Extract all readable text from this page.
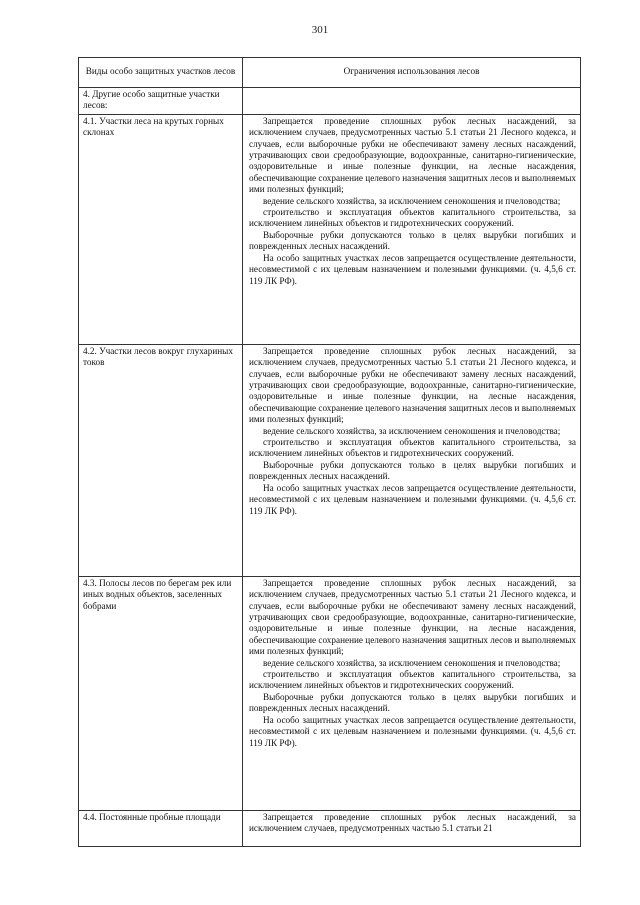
301
Виды особо защитных участков лесов	Ограничения использования лесов
4. Другие особо защитные участки лесов:	
4.1. Участки леса на крутых горных склонах	Запрещается проведение сплошных рубок лесных насаждений, за исключением случаев, предусмотренных частью 5.1 статьи 21 Лесного кодекса, и случаев, если выборочные рубки не обеспечивают замену лесных насаждений, утрачивающих свои средообразующие, водоохранные, санитарно-гигиенические, оздоровительные и иные полезные функции, на лесные насаждения, обеспечивающие сохранение целевого назначения защитных лесов и выполняемых ими полезных функций;

ведение сельского хозяйства, за исключением сенокошения и пчеловодства;

строительство и эксплуатация объектов капитального строительства, за исключением линейных объектов и гидротехнических сооружений.

Выборочные рубки допускаются только в целях вырубки погибших и поврежденных лесных насаждений.

На особо защитных участках лесов запрещается осуществление деятельности, несовместимой с их целевым назначением и полезными функциями. (ч. 4,5,6 ст. 119 ЛК РФ).

4.2. Участки лесов вокруг глухариных токов	Запрещается проведение сплошных рубок лесных насаждений, за исключением случаев, предусмотренных частью 5.1 статьи 21 Лесного кодекса, и случаев, если выборочные рубки не обеспечивают замену лесных насаждений, утрачивающих свои средообразующие, водоохранные, санитарно-гигиенические, оздоровительные и иные полезные функции, на лесные насаждения, обеспечивающие сохранение целевого назначения защитных лесов и выполняемых ими полезных функций;

ведение сельского хозяйства, за исключением сенокошения и пчеловодства;

строительство и эксплуатация объектов капитального строительства, за исключением линейных объектов и гидротехнических сооружений.

Выборочные рубки допускаются только в целях вырубки погибших и поврежденных лесных насаждений.

На особо защитных участках лесов запрещается осуществление деятельности, несовместимой с их целевым назначением и полезными функциями. (ч. 4,5,6 ст. 119 ЛК РФ).

4.3. Полосы лесов по берегам рек или иных водных объектов, заселенных бобрами	Запрещается проведение сплошных рубок лесных насаждений, за исключением случаев, предусмотренных частью 5.1 статьи 21 Лесного кодекса, и случаев, если выборочные рубки не обеспечивают замену лесных насаждений, утрачивающих свои средообразующие, водоохранные, санитарно-гигиенические, оздоровительные и иные полезные функции, на лесные насаждения, обеспечивающие сохранение целевого назначения защитных лесов и выполняемых ими полезных функций;

ведение сельского хозяйства, за исключением сенокошения и пчеловодства;

строительство и эксплуатация объектов капитального строительства, за исключением линейных объектов и гидротехнических сооружений.

Выборочные рубки допускаются только в целях вырубки погибших и поврежденных лесных насаждений.

На особо защитных участках лесов запрещается осуществление деятельности, несовместимой с их целевым назначением и полезными функциями. (ч. 4,5,6 ст. 119 ЛК РФ).

4.4. Постоянные пробные площади	Запрещается проведение сплошных рубок лесных насаждений, за исключением случаев, предусмотренных частью 5.1 статьи 21
